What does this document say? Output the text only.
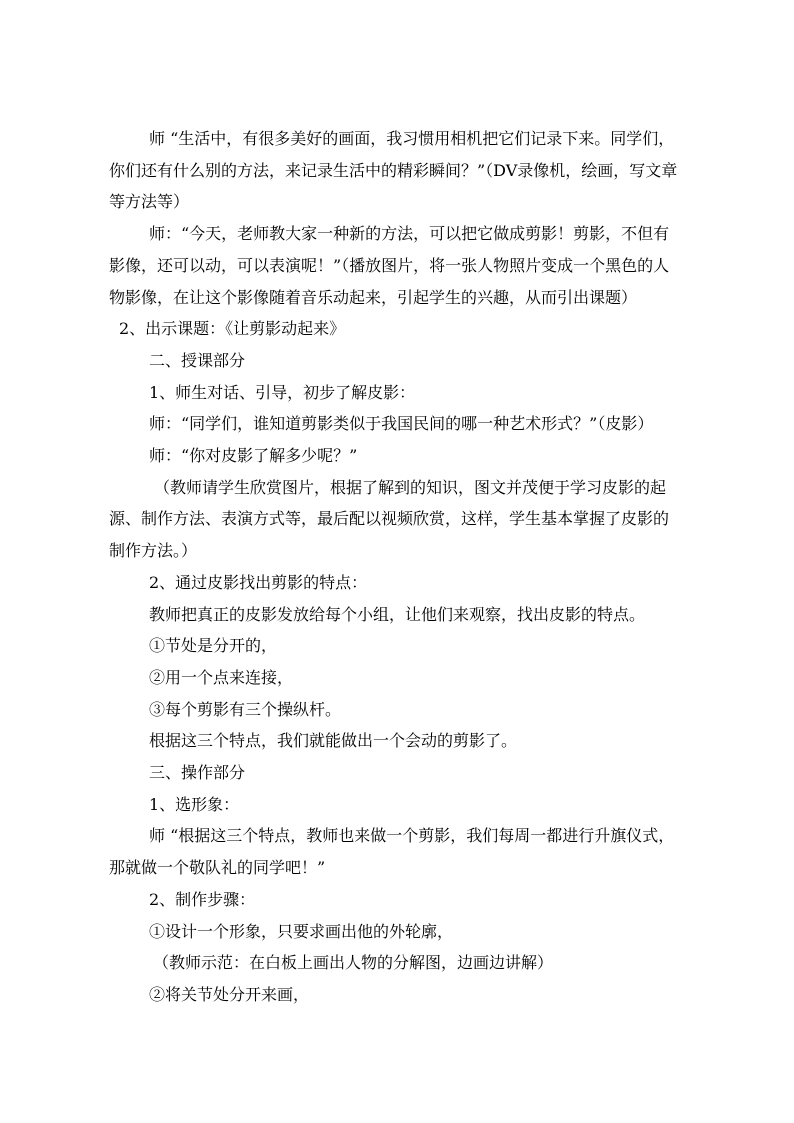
师 “生活中，有很多美好的画面，我习惯用相机把它们记录下来。同学们，你们还有什么别的方法，来记录生活中的精彩瞬间？”（DV录像机，绘画，写文章等方法等）

师：“今天，老师教大家一种新的方法，可以把它做成剪影！剪影，不但有影像，还可以动，可以表演呢！”（播放图片，将一张人物照片变成一个黑色的人物影像，在让这个影像随着音乐动起来，引起学生的兴趣，从而引出课题）

2、出示课题：《让剪影动起来》

二、授课部分

1、师生对话、引导，初步了解皮影：

师：“同学们，谁知道剪影类似于我国民间的哪一种艺术形式？”（皮影）

师：“你对皮影了解多少呢？”

（教师请学生欣赏图片，根据了解到的知识，图文并茂便于学习皮影的起源、制作方法、表演方式等，最后配以视频欣赏，这样，学生基本掌握了皮影的制作方法。）

2、通过皮影找出剪影的特点：

教师把真正的皮影发放给每个小组，让他们来观察，找出皮影的特点。

①节处是分开的，

②用一个点来连接，

③每个剪影有三个操纵杆。

根据这三个特点，我们就能做出一个会动的剪影了。

三、操作部分

1、选形象：

师 “根据这三个特点，教师也来做一个剪影，我们每周一都进行升旗仪式，那就做一个敬队礼的同学吧！”

2、制作步骤：

①设计一个形象，只要求画出他的外轮廓，

（教师示范：在白板上画出人物的分解图，边画边讲解）

②将关节处分开来画，
